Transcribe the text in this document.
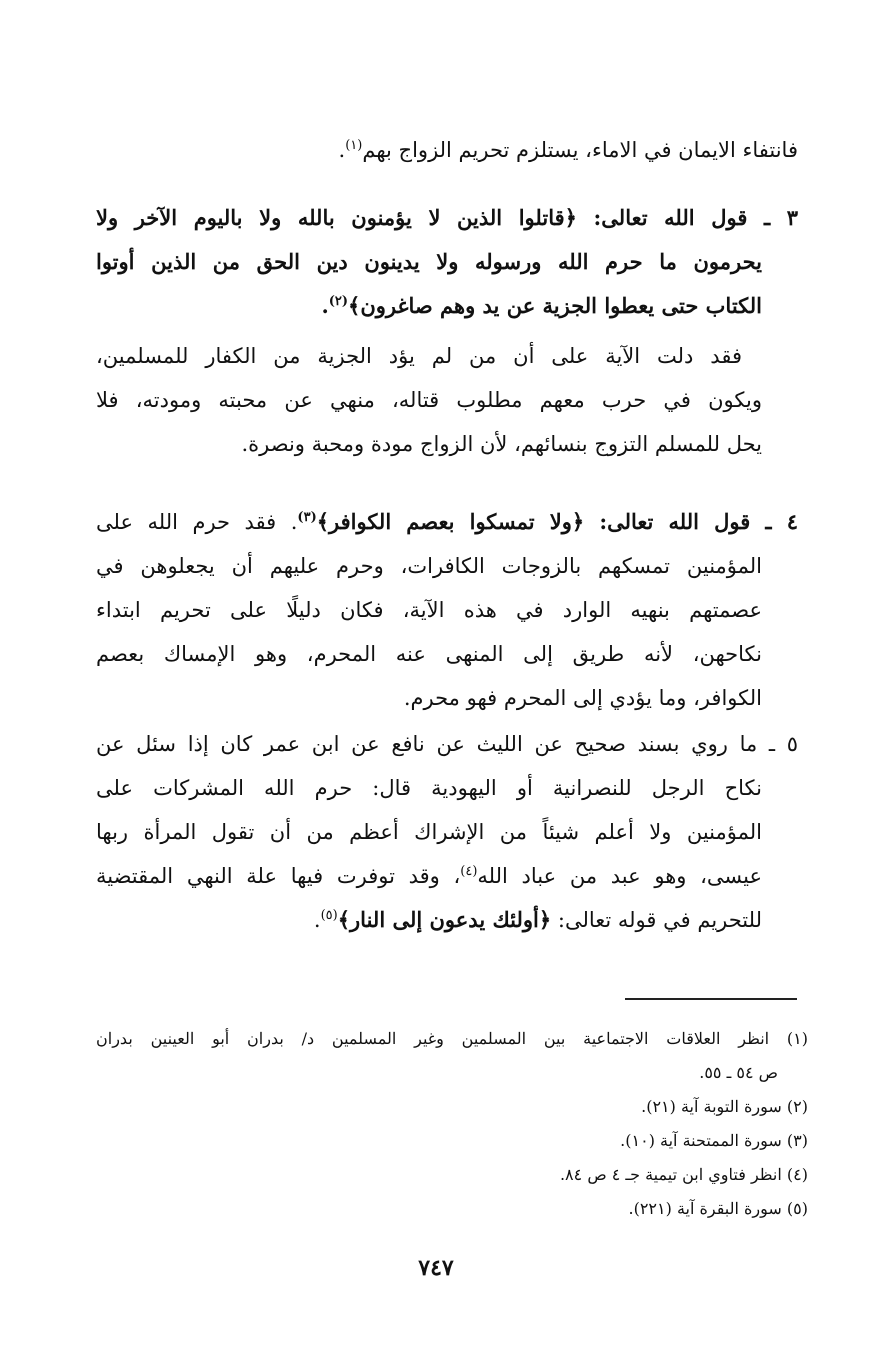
فانتفاء الايمان في الاماء، يستلزم تحريم الزواج بهم$^{(١)}$.
٣ ـ قول الله تعالى: ﴿قاتلوا الذين لا يؤمنون بالله ولا باليوم الآخر ولا
يحرمون ما حرم الله ورسوله ولا يدينون دين الحق من الذين أوتوا
الكتاب حتى يعطوا الجزية عن يد وهم صاغرون﴾$^{(٢)}$.
فقد دلت الآية على أن من لم يؤد الجزية من الكفار للمسلمين،
ويكون في حرب معهم مطلوب قتاله، منهي عن محبته ومودته، فلا
يحل للمسلم التزوج بنسائهم، لأن الزواج مودة ومحبة ونصرة.
٤ ـ قول الله تعالى: ﴿ولا تمسكوا بعصم الكوافر﴾$^{(٣)}$. فقد حرم الله على
المؤمنين تمسكهم بالزوجات الكافرات، وحرم عليهم أن يجعلوهن في
عصمتهم بنهيه الوارد في هذه الآية، فكان دليلًا على تحريم ابتداء
نكاحهن، لأنه طريق إلى المنهى عنه المحرم، وهو الإمساك بعصم
الكوافر، وما يؤدي إلى المحرم فهو محرم.
٥ ـ ما روي بسند صحيح عن الليث عن نافع عن ابن عمر كان إذا سئل عن
نكاح الرجل للنصرانية أو اليهودية قال: حرم الله المشركات على
المؤمنين ولا أعلم شيئاً من الإشراك أعظم من أن تقول المرأة ربها
عيسى، وهو عبد من عباد الله$^{(٤)}$، وقد توفرت فيها علة النهي المقتضية
للتحريم في قوله تعالى: ﴿أولئك يدعون إلى النار﴾$^{(٥)}$.
(١) انظر العلاقات الاجتماعية بين المسلمين وغير المسلمين د/ بدران أبو العينين بدران
ص ٥٤ ـ ٥٥.
(٢) سورة التوبة آية (٢١).
(٣) سورة الممتحنة آية (١٠).
(٤) انظر فتاوي ابن تيمية جـ ٤ ص ٨٤.
(٥) سورة البقرة آية (٢٢١).
٧٤٧
